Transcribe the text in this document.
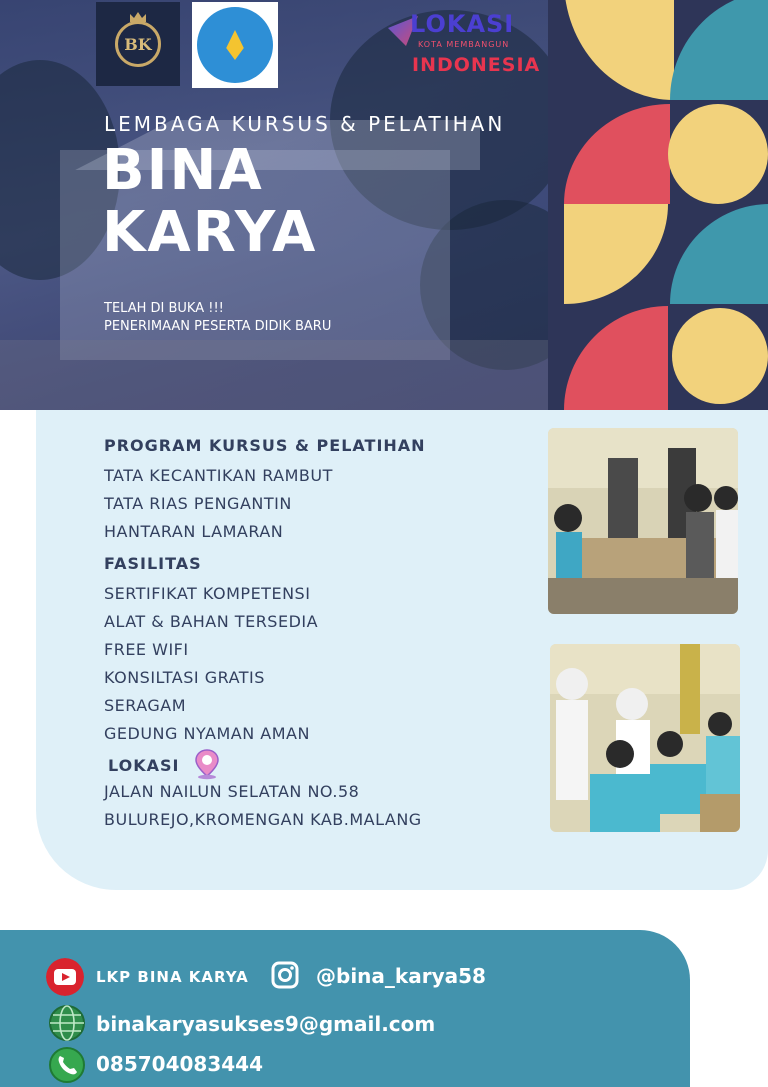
BK
LOKASI
KOTA MEMBANGUN
INDONESIA
LEMBAGA KURSUS & PELATIHAN
BINA
KARYA
TELAH DI BUKA !!!
PENERIMAAN PESERTA DIDIK BARU
PROGRAM KURSUS & PELATIHAN
TATA KECANTIKAN RAMBUT
TATA RIAS PENGANTIN
HANTARAN LAMARAN
FASILITAS
SERTIFIKAT KOMPETENSI
ALAT & BAHAN TERSEDIA
FREE WIFI
KONSILTASI GRATIS
SERAGAM
GEDUNG NYAMAN AMAN
LOKASI
JALAN NAILUN SELATAN NO.58
BULUREJO,KROMENGAN KAB.MALANG
LKP BINA KARYA	@bina_karya58
binakaryasukses9@gmail.com
085704083444
